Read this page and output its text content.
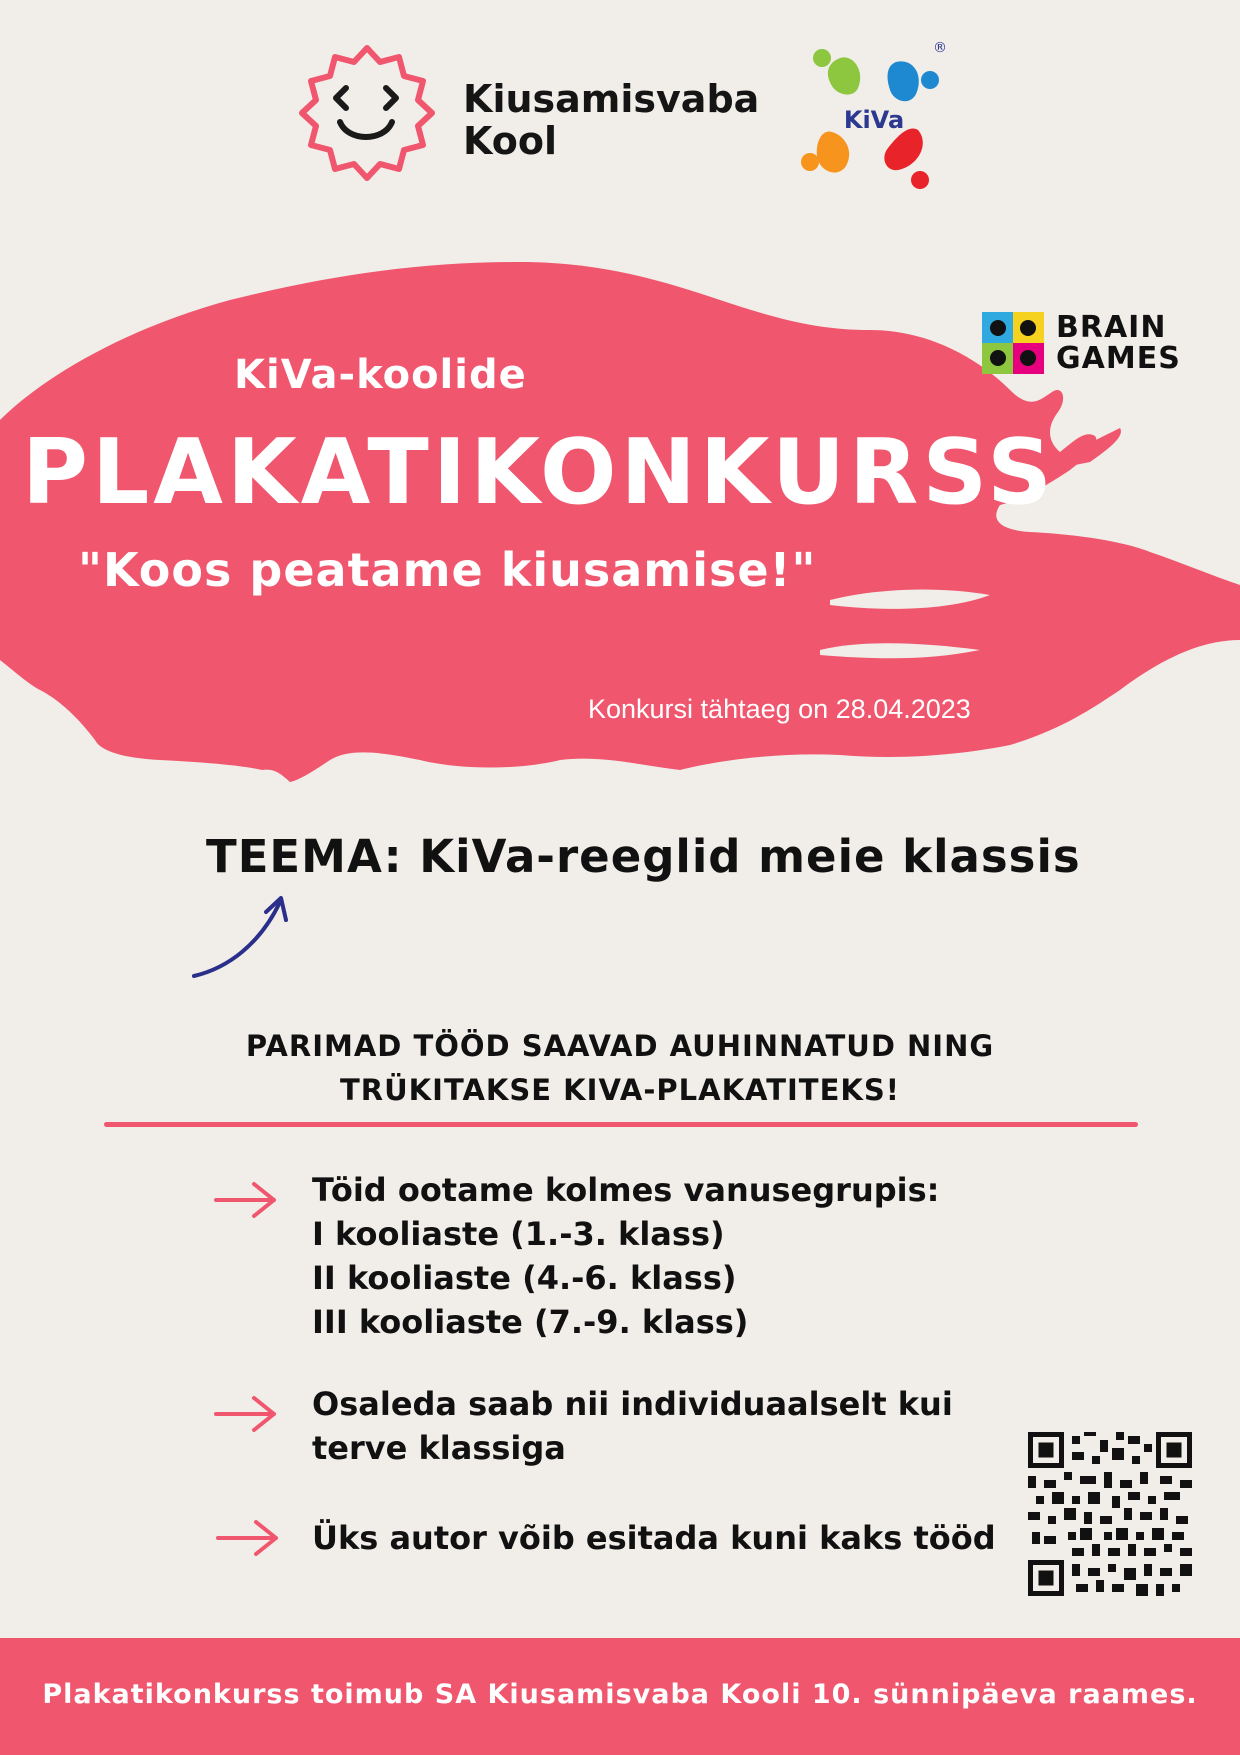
Kiusamisvaba
Kool	KiVa
®
BRAIN
GAMES
KiVa-koolide
PLAKATIKONKURSS
"Koos peatame kiusamise!"
Konkursi tähtaeg on 28.04.2023
TEEMA: KiVa-reeglid meie klassis
PARIMAD TÖÖD SAAVAD AUHINNATUD NING
TRÜKITAKSE KIVA-PLAKATITEKS!
Töid ootame kolmes vanusegrupis:
I kooliaste (1.-3. klass)
II kooliaste (4.-6. klass)
III kooliaste (7.-9. klass)
Osaleda saab nii individuaalselt kui
terve klassiga
Üks autor võib esitada kuni kaks tööd
Plakatikonkurss toimub SA Kiusamisvaba Kooli 10. sünnipäeva raames.
